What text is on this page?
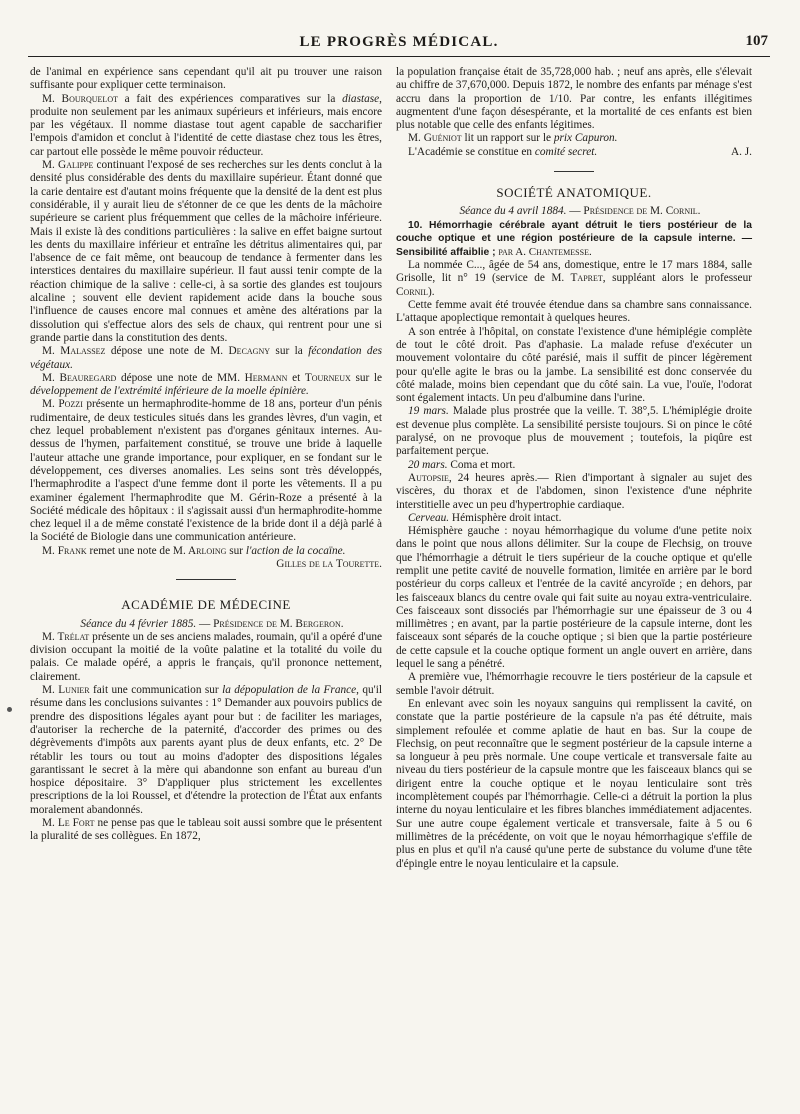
LE PROGRÈS MÉDICAL.	107

de l'animal en expérience sans cependant qu'il ait pu trouver une raison suffisante pour expliquer cette terminaison.

M. Bourquelot a fait des expériences comparatives sur la diastase, produite non seulement par les animaux supérieurs et inférieurs, mais encore par les végétaux. Il nomme diastase tout agent capable de saccharifier l'empois d'amidon et conclut à l'identité de cette diastase chez tous les êtres, car partout elle possède le même pouvoir réducteur.

M. Galippe continuant l'exposé de ses recherches sur les dents conclut à la densité plus considérable des dents du maxillaire supérieur. Étant donné que la carie dentaire est d'autant moins fréquente que la densité de la dent est plus considérable, il y aurait lieu de s'étonner de ce que les dents de la mâchoire supérieure se carient plus fréquemment que celles de la mâchoire inférieure. Mais il existe là des conditions particulières : la salive en effet baigne surtout les dents du maxillaire inférieur et entraîne les détritus alimentaires qui, par l'absence de ce fait même, ont beaucoup de tendance à fermenter dans les interstices dentaires du maxillaire supérieur. Il faut aussi tenir compte de la réaction chimique de la salive : celle-ci, à sa sortie des glandes est toujours alcaline ; souvent elle devient rapidement acide dans la bouche sous l'influence de causes encore mal connues et amène des altérations par la dissolution qui s'effectue alors des sels de chaux, qui rentrent pour une si grande partie dans la constitution des dents.

M. Malassez dépose une note de M. Decagny sur la fécondation des végétaux.

M. Beauregard dépose une note de MM. Hermann et Tourneux sur le développement de l'extrémité inférieure de la moelle épinière.

M. Pozzi présente un hermaphrodite-homme de 18 ans, porteur d'un pénis rudimentaire, de deux testicules situés dans les grandes lèvres, d'un vagin, et chez lequel probablement n'existent pas d'organes génitaux internes. Au-dessus de l'hymen, parfaitement constitué, se trouve une bride à laquelle l'auteur attache une grande importance, pour expliquer, en se fondant sur le développement, ces diverses anomalies. Les seins sont très développés, l'hermaphrodite a l'aspect d'une femme dont il porte les vêtements. Il a pu examiner également l'hermaphrodite que M. Gérin-Roze a présenté à la Société médicale des hôpitaux : il s'agissait aussi d'un hermaphrodite-homme chez lequel il a de même constaté l'existence de la bride dont il a déjà parlé à la Société de Biologie dans une communication antérieure.

M. Frank remet une note de M. Arloing sur l'action de la cocaïne.

Gilles de la Tourette.
ACADÉMIE DE MÉDECINE

Séance du 4 février 1885. — Présidence de M. Bergeron.

M. Trélat présente un de ses anciens malades, roumain, qu'il a opéré d'une division occupant la moitié de la voûte palatine et la totalité du voile du palais. Ce malade opéré, a appris le français, qu'il prononce nettement, clairement.

M. Lunier fait une communication sur la dépopulation de la France, qu'il résume dans les conclusions suivantes : 1° Demander aux pouvoirs publics de prendre des dispositions légales ayant pour but : de faciliter les mariages, d'autoriser la recherche de la paternité, d'accorder des primes ou des dégrèvements d'impôts aux parents ayant plus de deux enfants, etc. 2° De rétablir les tours ou tout au moins d'adopter des dispositions légales garantissant le secret à la mère qui abandonne son enfant au bureau d'un hospice dépositaire. 3° D'appliquer plus strictement les excellentes prescriptions de la loi Roussel, et d'étendre la protection de l'État aux enfants moralement abandonnés.

M. Le Fort ne pense pas que le tableau soit aussi sombre que le présentent la pluralité de ses collègues. En 1872,

la population française était de 35,728,000 hab. ; neuf ans après, elle s'élevait au chiffre de 37,670,000. Depuis 1872, le nombre des enfants par ménage s'est accru dans la proportion de 1/10. Par contre, les enfants illégitimes augmentent d'une façon désespérante, et la mortalité de ces enfants est bien plus notable que celle des enfants légitimes.

M. Guéniot lit un rapport sur le prix Capuron.

L'Académie se constitue en comité secret.	A. J.

SOCIÉTÉ ANATOMIQUE.

Séance du 4 avril 1884. — Présidence de M. Cornil.

10. Hémorrhagie cérébrale ayant détruit le tiers postérieur de la couche optique et une région postérieure de la capsule interne. — Sensibilité affaiblie ; par A. Chantemesse.

La nommée C..., âgée de 54 ans, domestique, entre le 17 mars 1884, salle Grisolle, lit n° 19 (service de M. Tapret, suppléant alors le professeur Cornil).

Cette femme avait été trouvée étendue dans sa chambre sans connaissance. L'attaque apoplectique remontait à quelques heures.

A son entrée à l'hôpital, on constate l'existence d'une hémiplégie complète de tout le côté droit. Pas d'aphasie. La malade refuse d'exécuter un mouvement volontaire du côté parésié, mais il suffit de pincer légèrement pour qu'elle agite le bras ou la jambe. La sensibilité est donc conservée du côté malade, moins bien cependant que du côté sain. La vue, l'ouïe, l'odorat sont également intacts. Un peu d'albumine dans l'urine.

19 mars. Malade plus prostrée que la veille. T. 38°,5. L'hémiplégie droite est devenue plus complète. La sensibilité persiste toujours. Si on pince le côté paralysé, on ne provoque plus de mouvement ; toutefois, la piqûre est parfaitement perçue.

20 mars. Coma et mort.

Autopsie, 24 heures après.— Rien d'important à signaler au sujet des viscères, du thorax et de l'abdomen, sinon l'existence d'une néphrite interstitielle avec un peu d'hypertrophie cardiaque.

Cerveau. Hémisphère droit intact.

Hémisphère gauche : noyau hémorrhagique du volume d'une petite noix dans le point que nous allons délimiter. Sur la coupe de Flechsig, on trouve que l'hémorrhagie a détruit le tiers supérieur de la couche optique et qu'elle remplit une petite cavité de nouvelle formation, limitée en arrière par le bord postérieur du corps calleux et l'entrée de la cavité ancyroïde ; en dehors, par les faisceaux blancs du centre ovale qui fait suite au noyau extra-ventriculaire. Ces faisceaux sont dissociés par l'hémorrhagie sur une épaisseur de 3 ou 4 millimètres ; en avant, par la partie postérieure de la capsule interne, dont les faisceaux sont séparés de la couche optique ; si bien que la partie postérieure de cette capsule et la couche optique forment un angle ouvert en arrière, dans lequel le sang a pénétré.

A première vue, l'hémorrhagie recouvre le tiers postérieur de la capsule et semble l'avoir détruit.

En enlevant avec soin les noyaux sanguins qui remplissent la cavité, on constate que la partie postérieure de la capsule n'a pas été détruite, mais simplement refoulée et comme aplatie de haut en bas. Sur la coupe de Flechsig, on peut reconnaître que le segment postérieur de la capsule interne a sa longueur à peu près normale. Une coupe verticale et transversale faite au niveau du tiers postérieur de la capsule montre que les faisceaux blancs qui se dirigent entre la couche optique et le noyau lenticulaire sont très incomplètement coupés par l'hémorrhagie. Celle-ci a détruit la portion la plus interne du noyau lenticulaire et les fibres blanches immédiatement adjacentes. Sur une autre coupe également verticale et transversale, faite à 5 ou 6 millimètres de la précédente, on voit que le noyau hémorrhagique s'effile de plus en plus et qu'il n'a causé qu'une perte de substance du volume d'une tête d'épingle entre le noyau lenticulaire et la capsule.
